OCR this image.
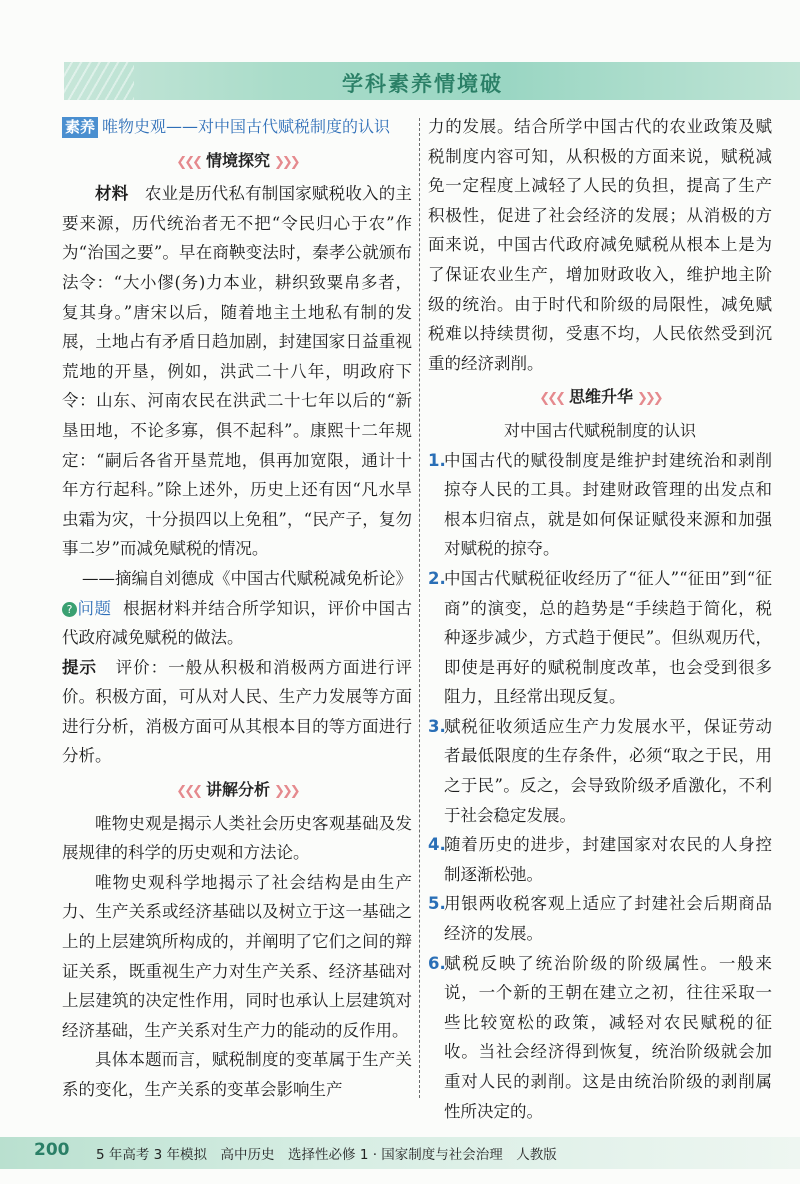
学科素养情境破
素养 唯物史观——对中国古代赋税制度的认识
❮❮❮ 情境探究 ❯❯❯

材料 农业是历代私有制国家赋税收入的主要来源，历代统治者无不把“令民归心于农”作为“治国之要”。早在商鞅变法时，秦孝公就颁布法令：“大小僇(务)力本业，耕织致粟帛多者，复其身。”唐宋以后，随着地主土地私有制的发展，土地占有矛盾日趋加剧，封建国家日益重视荒地的开垦，例如，洪武二十八年，明政府下令：山东、河南农民在洪武二十七年以后的“新垦田地，不论多寡，俱不起科”。康熙十二年规定：“嗣后各省开垦荒地，俱再加宽限，通计十年方行起科。”除上述外，历史上还有因“凡水旱虫霜为灾，十分损四以上免租”，“民产子，复勿事二岁”而减免赋税的情况。

——摘编自刘德成《中国古代赋税减免析论》

? 问题 根据材料并结合所学知识，评价中国古代政府减免赋税的做法。

提示 评价：一般从积极和消极两方面进行评价。积极方面，可从对人民、生产力发展等方面进行分析，消极方面可从其根本目的等方面进行分析。

❮❮❮ 讲解分析 ❯❯❯

唯物史观是揭示人类社会历史客观基础及发展规律的科学的历史观和方法论。

唯物史观科学地揭示了社会结构是由生产力、生产关系或经济基础以及树立于这一基础之上的上层建筑所构成的，并阐明了它们之间的辩证关系，既重视生产力对生产关系、经济基础对上层建筑的决定性作用，同时也承认上层建筑对经济基础，生产关系对生产力的能动的反作用。

具体本题而言，赋税制度的变革属于生产关系的变化，生产关系的变革会影响生产

力的发展。结合所学中国古代的农业政策及赋税制度内容可知，从积极的方面来说，赋税减免一定程度上减轻了人民的负担，提高了生产积极性，促进了社会经济的发展；从消极的方面来说，中国古代政府减免赋税从根本上是为了保证农业生产，增加财政收入，维护地主阶级的统治。由于时代和阶级的局限性，减免赋税难以持续贯彻，受惠不均，人民依然受到沉重的经济剥削。

❮❮❮ 思维升华 ❯❯❯

对中国古代赋税制度的认识

1.
中国古代的赋役制度是维护封建统治和剥削掠夺人民的工具。封建财政管理的出发点和根本归宿点，就是如何保证赋役来源和加强对赋税的掠夺。
2.
中国古代赋税征收经历了“征人”“征田”到“征商”的演变，总的趋势是“手续趋于简化，税种逐步减少，方式趋于便民”。但纵观历代，即使是再好的赋税制度改革，也会受到很多阻力，且经常出现反复。
3.
赋税征收须适应生产力发展水平，保证劳动者最低限度的生存条件，必须“取之于民，用之于民”。反之，会导致阶级矛盾激化，不利于社会稳定发展。
4.
随着历史的进步，封建国家对农民的人身控制逐渐松弛。
5.
用银两收税客观上适应了封建社会后期商品经济的发展。
6.
赋税反映了统治阶级的阶级属性。一般来说，一个新的王朝在建立之初，往往采取一些比较宽松的政策，减轻对农民赋税的征收。当社会经济得到恢复，统治阶级就会加重对人民的剥削。这是由统治阶级的剥削属性所决定的。
200 5 年高考 3 年模拟　高中历史　选择性必修 1 · 国家制度与社会治理　人教版
